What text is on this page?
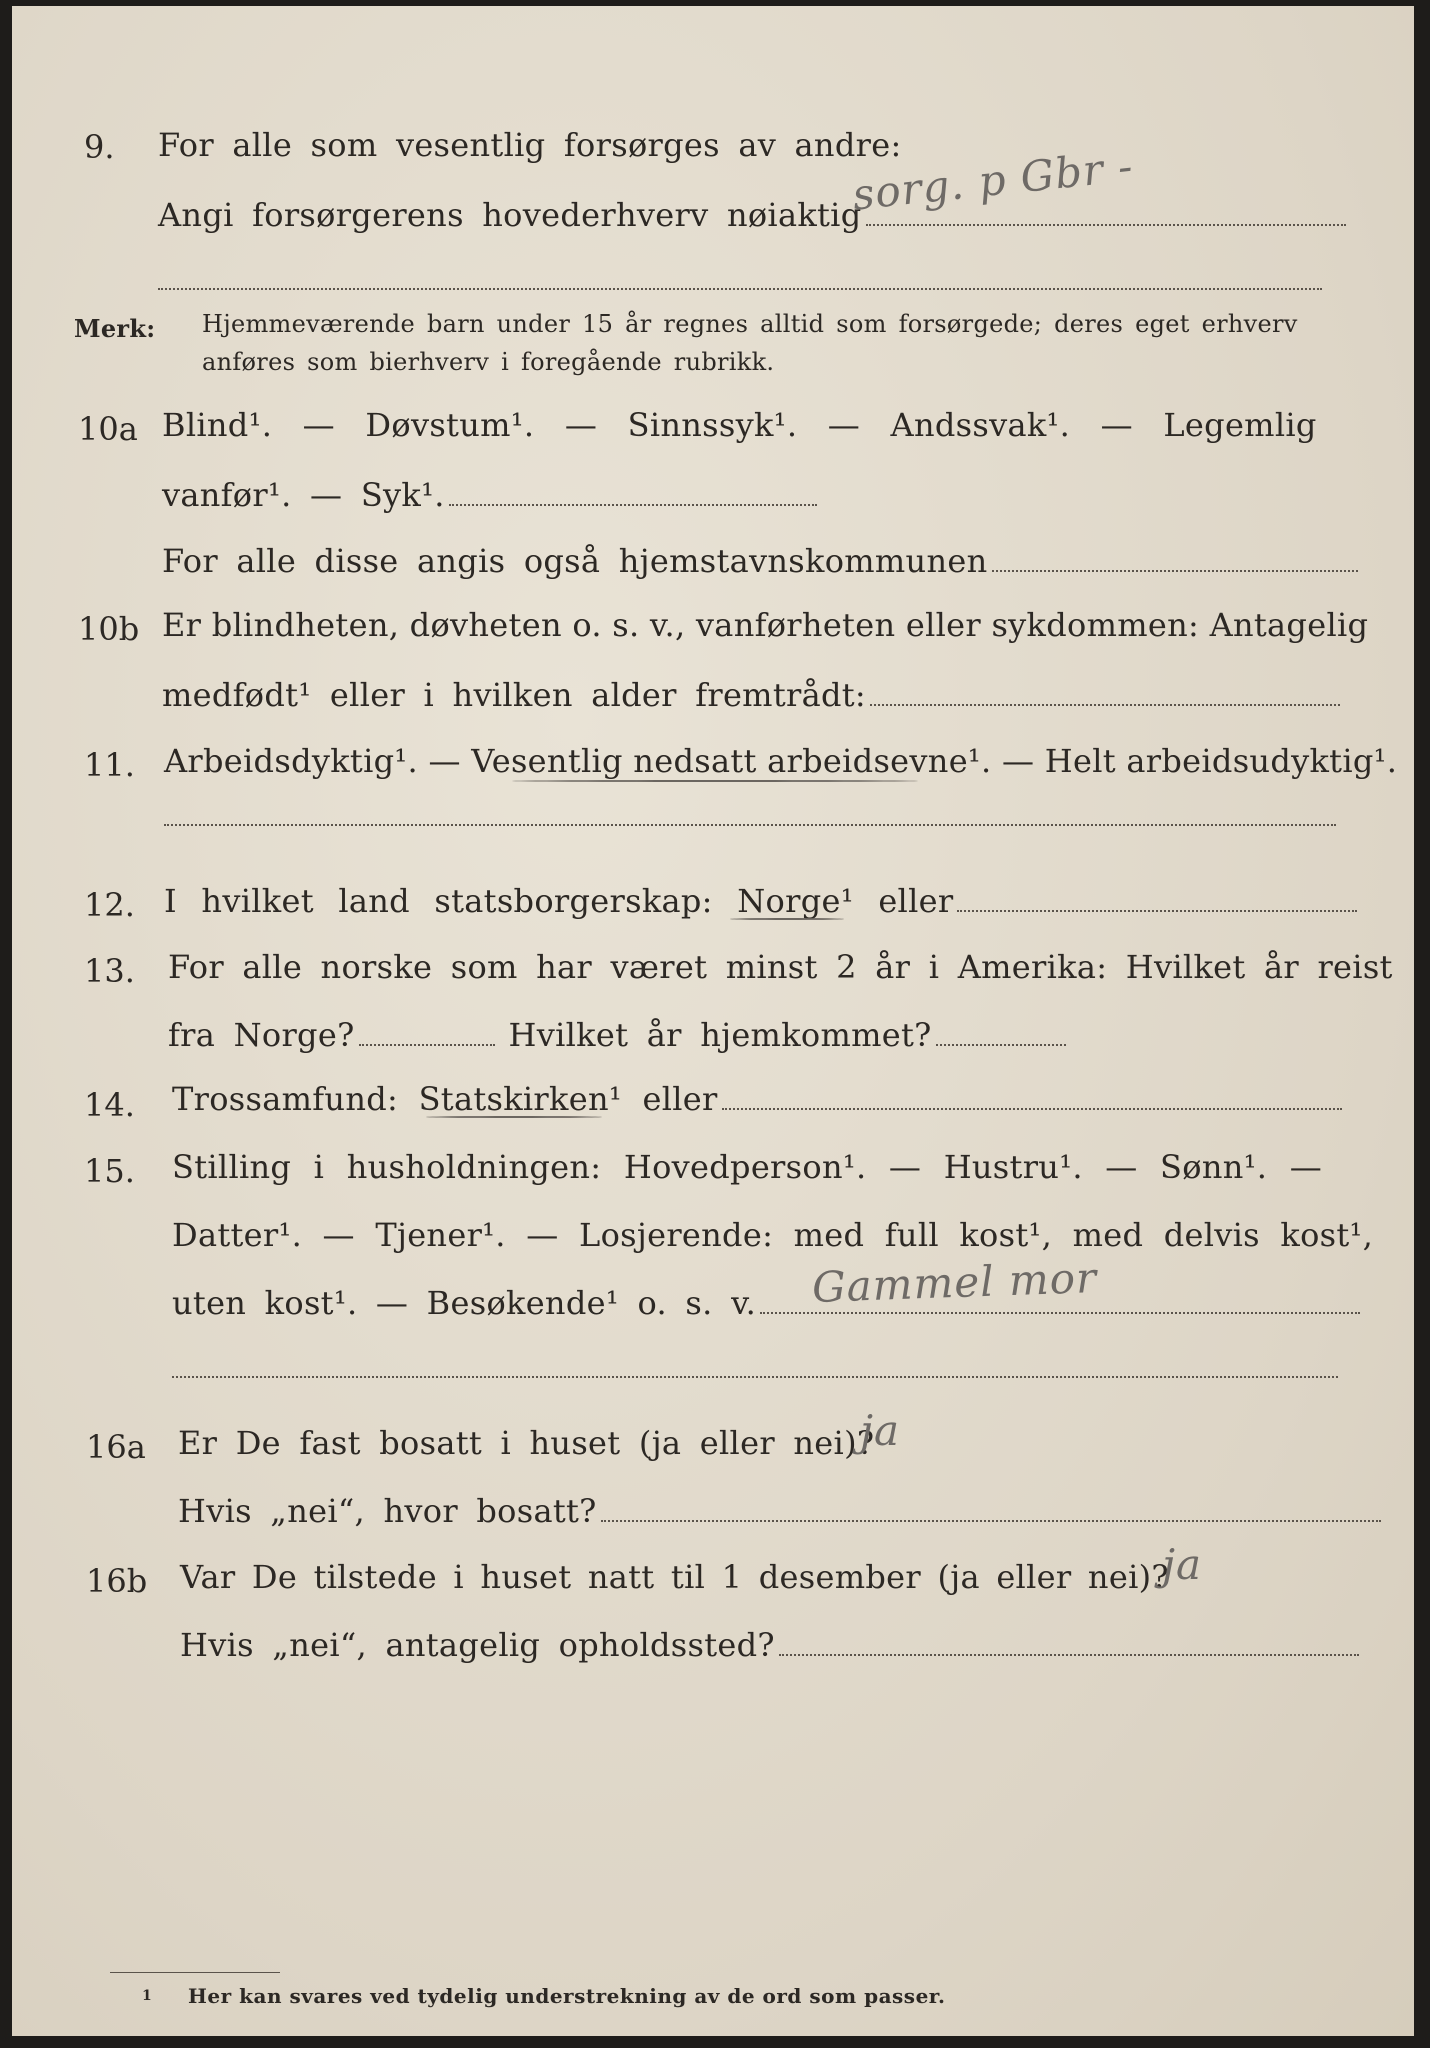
9. For alle som vesentlig forsørges av andre:
Angi forsørgerens hovederhverv nøiaktig
sorg. p Gbr -
Merk: Hjemmeværende barn under 15 år regnes alltid som forsørgede; deres eget erhverv
anføres som bierhverv i foregående rubrikk.
10a Blind¹. — Døvstum¹. — Sinnssyk¹. — Andssvak¹. — Legemlig
vanfør¹. — Syk¹.
For alle disse angis også hjemstavnskommunen
10b Er blindheten, døvheten o. s. v., vanførheten eller sykdommen: Antagelig
medfødt¹ eller i hvilken alder fremtrådt:
11. Arbeidsdyktig¹. — Vesentlig nedsatt arbeidsevne¹. — Helt arbeidsudyktig¹.
12. I hvilket land statsborgerskap: Norge¹ eller
13. For alle norske som har været minst 2 år i Amerika: Hvilket år reist
fra Norge?	Hvilket år hjemkommet?
14. Trossamfund: Statskirken¹ eller
15. Stilling i husholdningen: Hovedperson¹. — Hustru¹. — Sønn¹. —
Datter¹. — Tjener¹. — Losjerende: med full kost¹, med delvis kost¹,
uten kost¹. — Besøkende¹ o. s. v.	Gammel mor
16a Er De fast bosatt i huset (ja eller nei)?
ja
Hvis „nei“, hvor bosatt?
16b Var De tilstede i huset natt til 1 desember (ja eller nei)?
ja
Hvis „nei“, antagelig opholdssted?
1 Her kan svares ved tydelig understrekning av de ord som passer.
